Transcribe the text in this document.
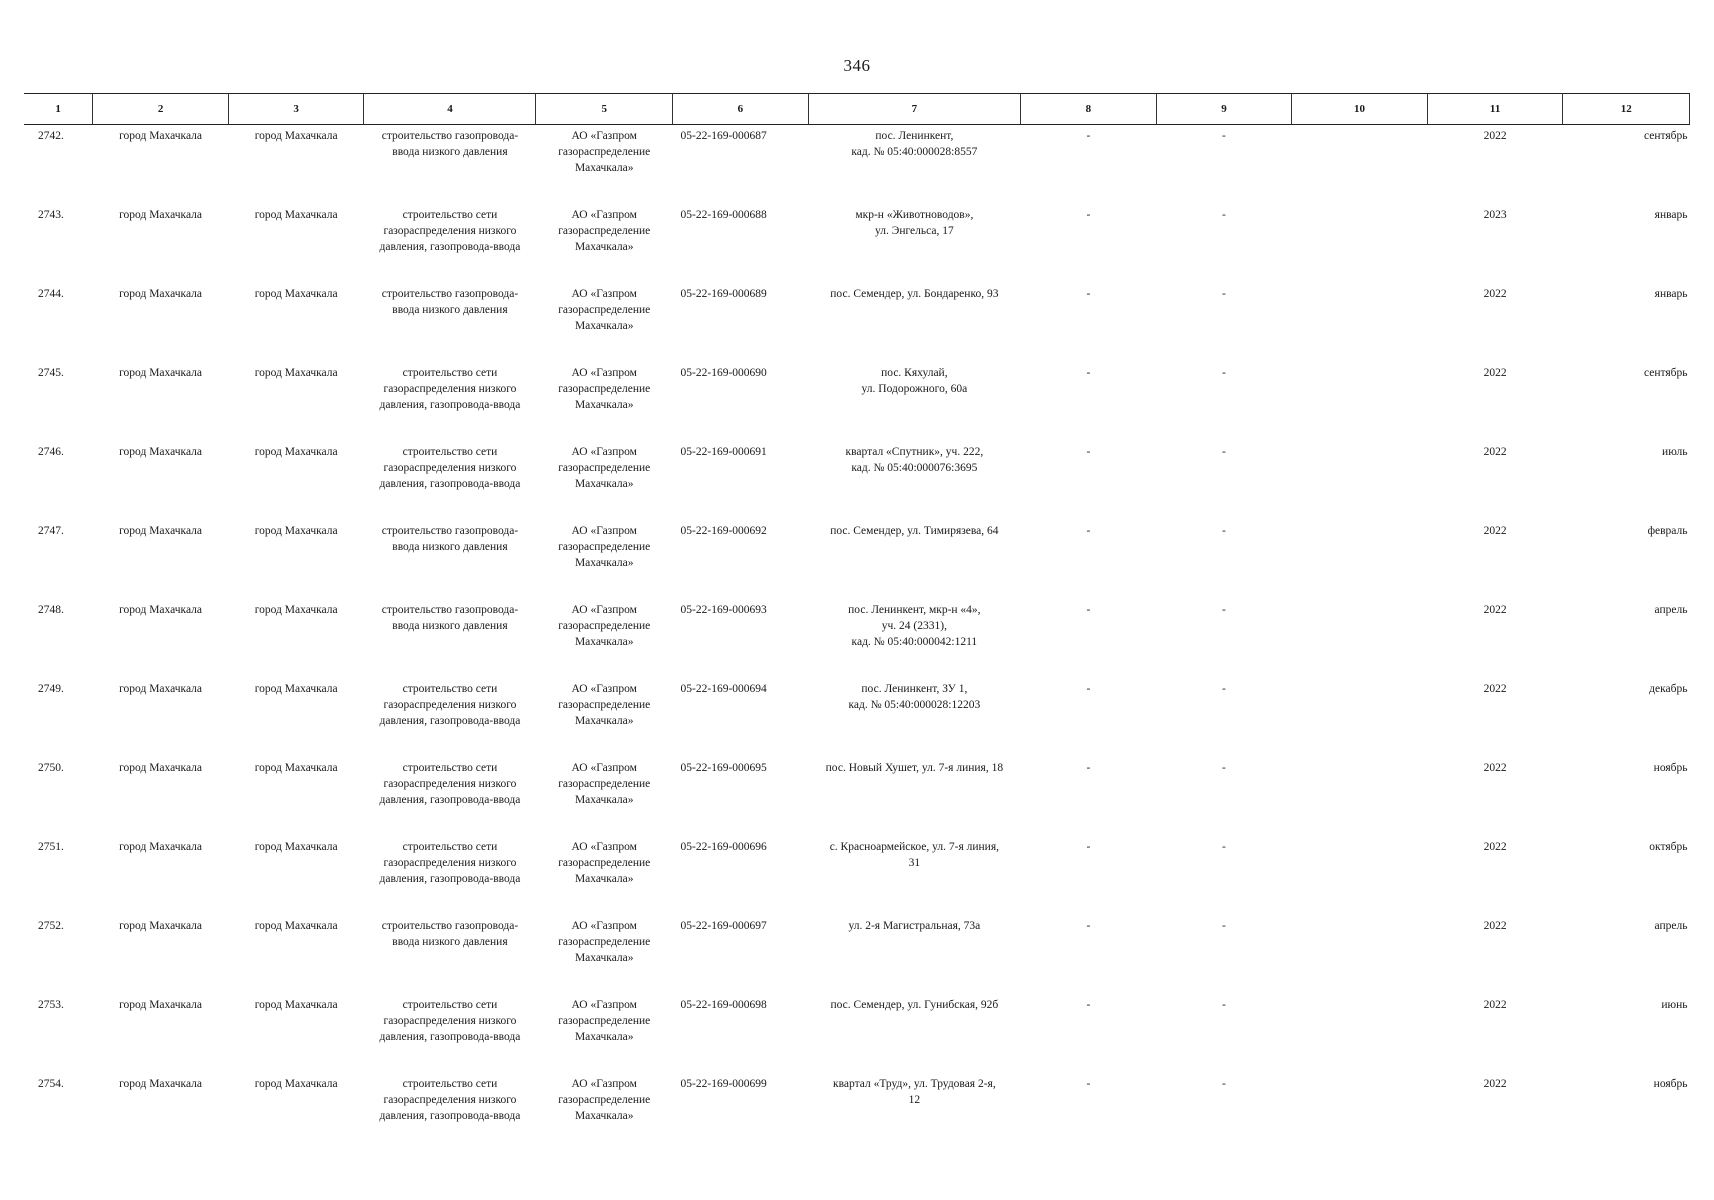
346
1	2	3	4	5	6	7	8	9	10	11	12
2742.	город Махачкала	город Махачкала	строительство газопровода-
ввода низкого давления	АО «Газпром
газораспределение
Махачкала»	05-22-169-000687	пос. Ленинкент,
кад. № 05:40:000028:8557	-	-		2022	сентябрь
2743.	город Махачкала	город Махачкала	строительство сети
газораспределения низкого
давления, газопровода-ввода	АО «Газпром
газораспределение
Махачкала»	05-22-169-000688	мкр-н «Животноводов»,
ул. Энгельса, 17	-	-		2023	январь
2744.	город Махачкала	город Махачкала	строительство газопровода-
ввода низкого давления	АО «Газпром
газораспределение
Махачкала»	05-22-169-000689	пос. Семендер, ул. Бондаренко, 93	-	-		2022	январь
2745.	город Махачкала	город Махачкала	строительство сети
газораспределения низкого
давления, газопровода-ввода	АО «Газпром
газораспределение
Махачкала»	05-22-169-000690	пос. Кяхулай,
ул. Подорожного, 60а	-	-		2022	сентябрь
2746.	город Махачкала	город Махачкала	строительство сети
газораспределения низкого
давления, газопровода-ввода	АО «Газпром
газораспределение
Махачкала»	05-22-169-000691	квартал «Спутник», уч. 222,
кад. № 05:40:000076:3695	-	-		2022	июль
2747.	город Махачкала	город Махачкала	строительство газопровода-
ввода низкого давления	АО «Газпром
газораспределение
Махачкала»	05-22-169-000692	пос. Семендер, ул. Тимирязева, 64	-	-		2022	февраль
2748.	город Махачкала	город Махачкала	строительство газопровода-
ввода низкого давления	АО «Газпром
газораспределение
Махачкала»	05-22-169-000693	пос. Ленинкент, мкр-н «4»,
уч. 24 (2331),
кад. № 05:40:000042:1211	-	-		2022	апрель
2749.	город Махачкала	город Махачкала	строительство сети
газораспределения низкого
давления, газопровода-ввода	АО «Газпром
газораспределение
Махачкала»	05-22-169-000694	пос. Ленинкент, ЗУ 1,
кад. № 05:40:000028:12203	-	-		2022	декабрь
2750.	город Махачкала	город Махачкала	строительство сети
газораспределения низкого
давления, газопровода-ввода	АО «Газпром
газораспределение
Махачкала»	05-22-169-000695	пос. Новый Хушет, ул. 7-я линия, 18	-	-		2022	ноябрь
2751.	город Махачкала	город Махачкала	строительство сети
газораспределения низкого
давления, газопровода-ввода	АО «Газпром
газораспределение
Махачкала»	05-22-169-000696	с. Красноармейское, ул. 7-я линия,
31	-	-		2022	октябрь
2752.	город Махачкала	город Махачкала	строительство газопровода-
ввода низкого давления	АО «Газпром
газораспределение
Махачкала»	05-22-169-000697	ул. 2-я Магистральная, 73а	-	-		2022	апрель
2753.	город Махачкала	город Махачкала	строительство сети
газораспределения низкого
давления, газопровода-ввода	АО «Газпром
газораспределение
Махачкала»	05-22-169-000698	пос. Семендер, ул. Гунибская, 92б	-	-		2022	июнь
2754.	город Махачкала	город Махачкала	строительство сети
газораспределения низкого
давления, газопровода-ввода	АО «Газпром
газораспределение
Махачкала»	05-22-169-000699	квартал «Труд», ул. Трудовая 2-я,
12	-	-		2022	ноябрь
